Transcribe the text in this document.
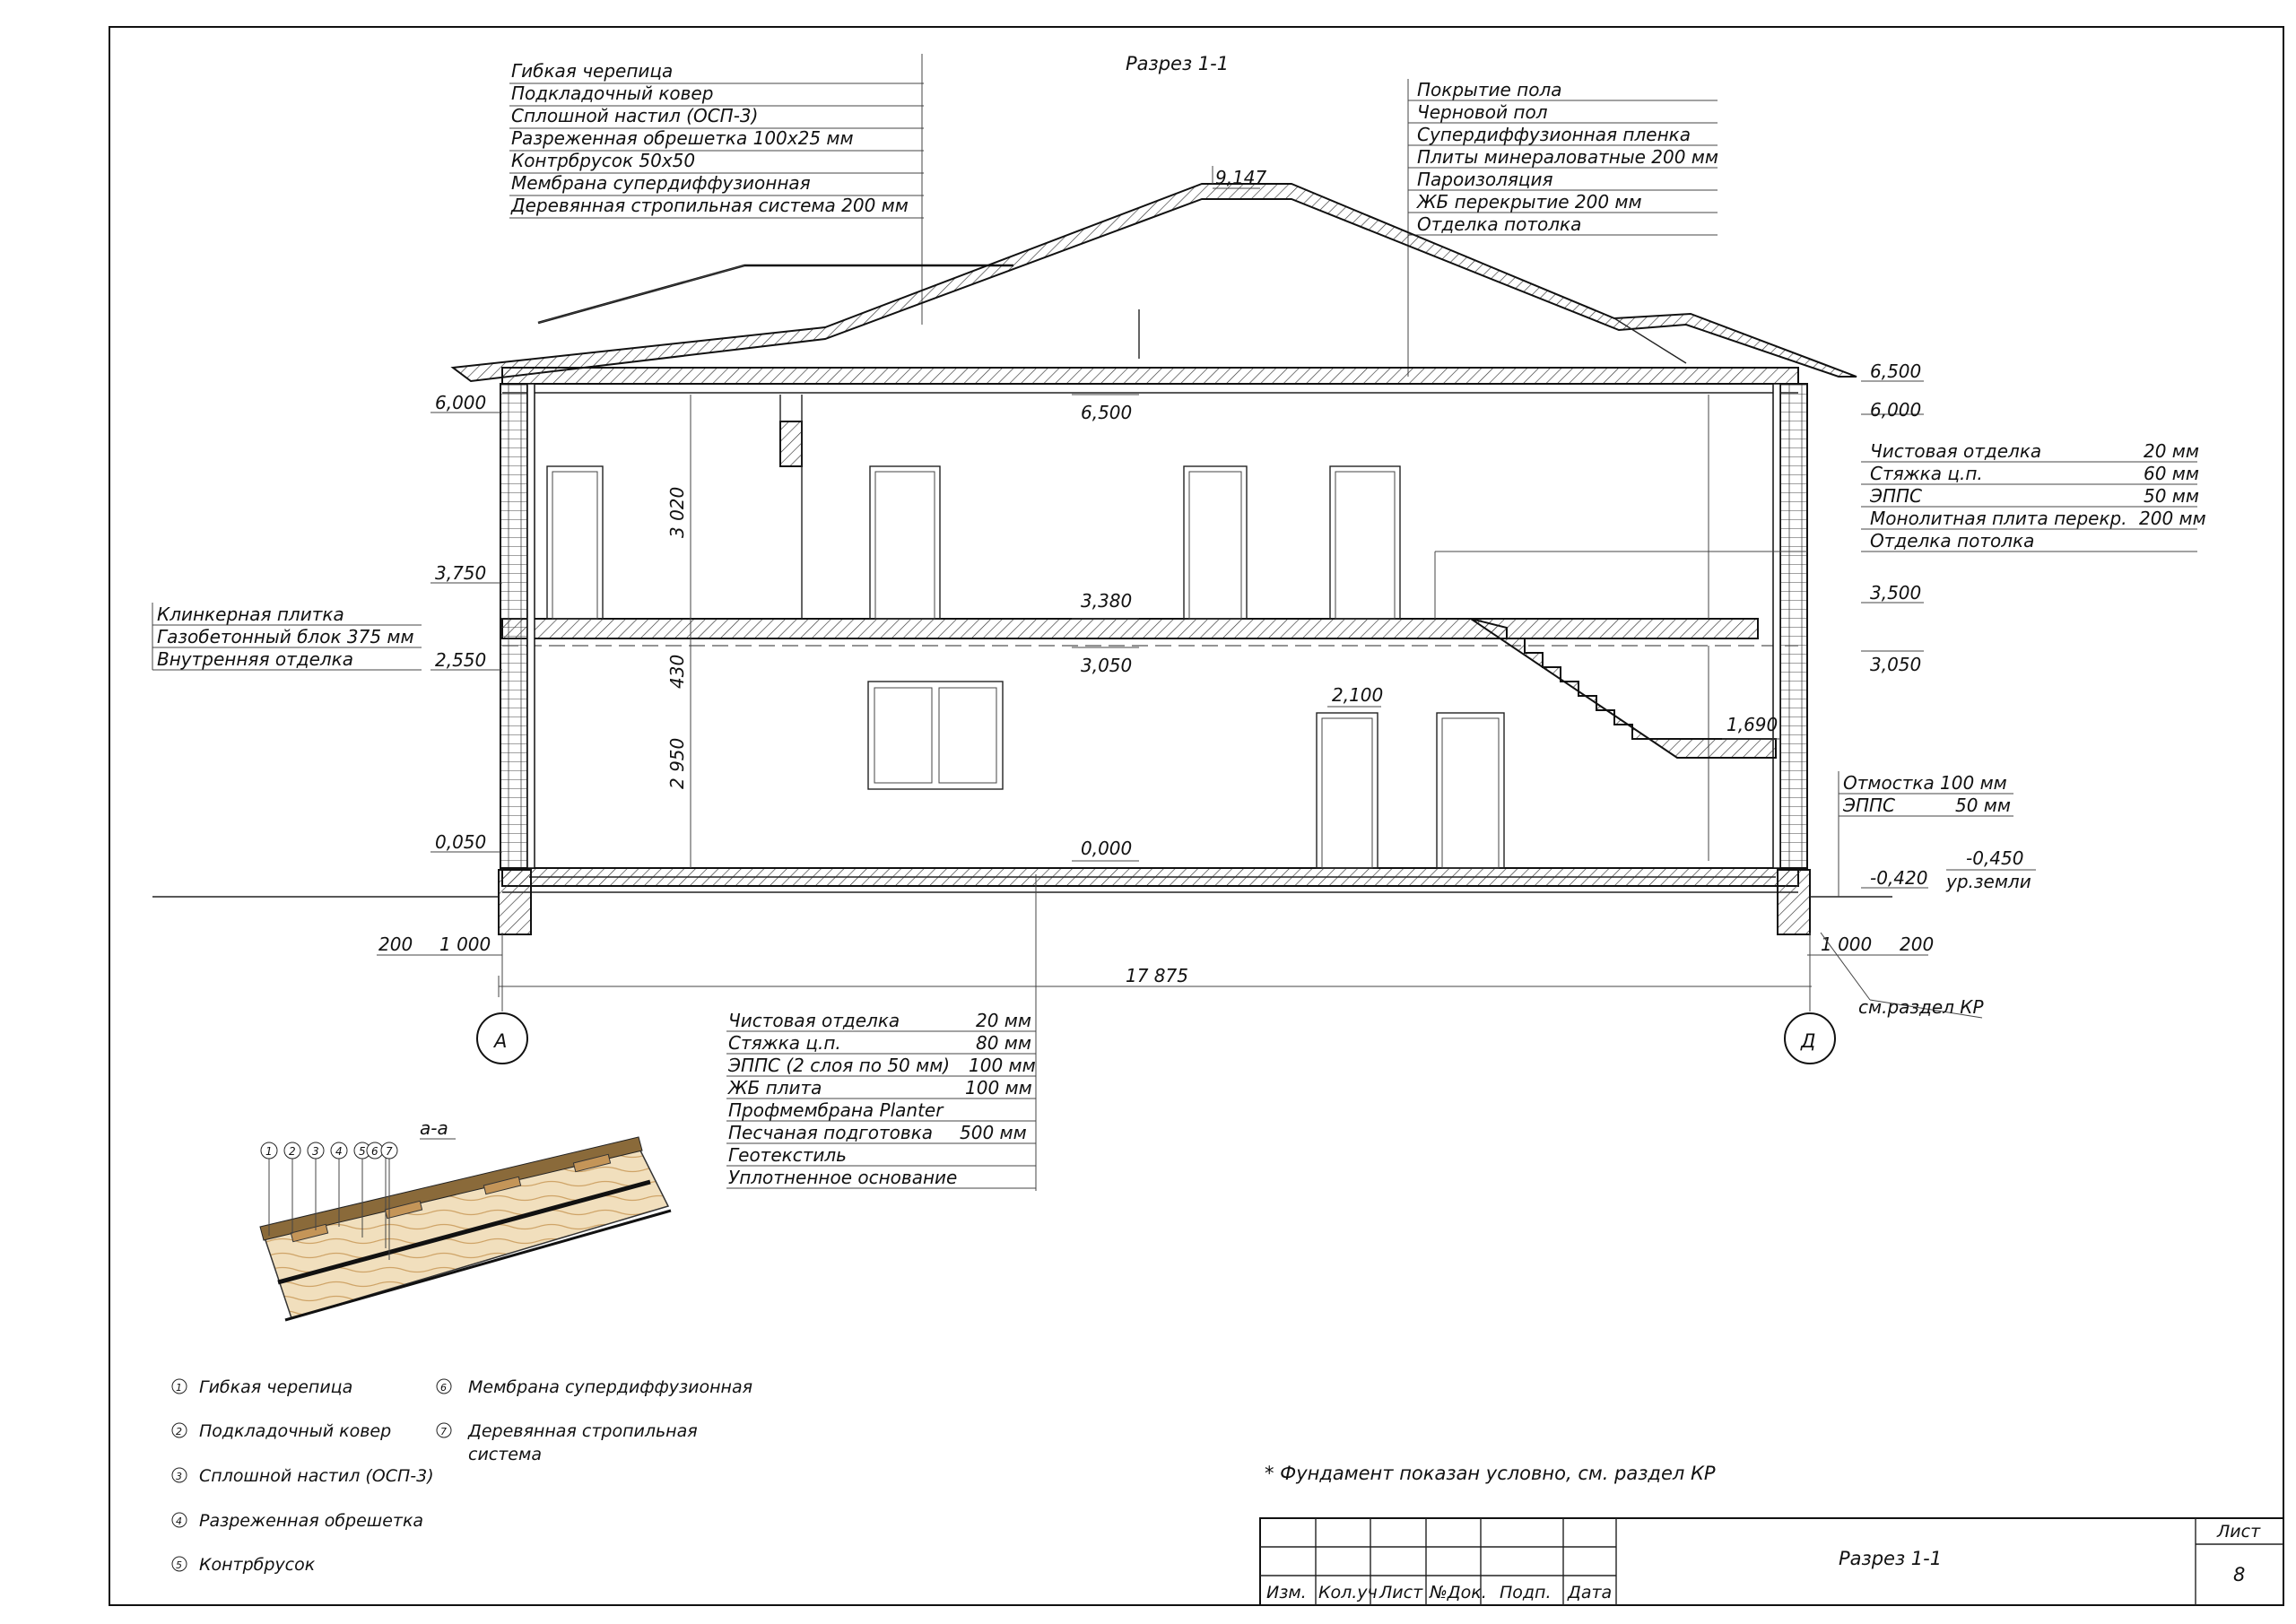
Разрез 1-1
Гибкая черепица
Подкладочный ковер
Сплошной настил (ОСП-3)
Разреженная обрешетка 100х25 мм
Контрбрусок 50х50
Мембрана супердиффузионная
Деревянная стропильная система 200 мм
Покрытие пола
Черновой пол
Супердиффузионная пленка
Плиты минераловатные 200 мм
Пароизоляция
ЖБ перекрытие 200 мм
Отделка потолка
9,147
6,000
3,750
2,550
0,050
Клинкерная плитка
Газобетонный блок 375 мм
Внутренняя отделка
6,500
3,380
3,050
0,000
2,100
1,690
3 020
430
2 950
6,500
6,000
3,500
3,050
-0,420
-0,450
ур.земли
Чистовая отделка	20 мм
Стяжка ц.п.	60 мм
ЭППС	50 мм
Монолитная плита перекр. 200 мм
Отделка потолка
Отмостка 100 мм
ЭППС	50 мм
200 1 000	1 000 200
17 875
см.раздел КР
А	Д
Чистовая отделка	20 мм
Стяжка ц.п.	80 мм
ЭППС (2 слоя по 50 мм) 100 мм
ЖБ плита	100 мм
Профмембрана Planter
Песчаная подготовка 500 мм
Геотекстиль
Уплотненное основание
а-а
1 2 3 4 5 6 7
1 Гибкая черепица
2 Подкладочный ковер
3 Сплошной настил (ОСП-3)
4 Разреженная обрешетка
5 Контрбрусок
6 Мембрана супердиффузионная
7 Деревянная стропильная
система
* Фундамент показан условно, см. раздел КР
Изм. Кол.уч Лист №Док. Подп. Дата
Разрез 1-1
Лист
8
